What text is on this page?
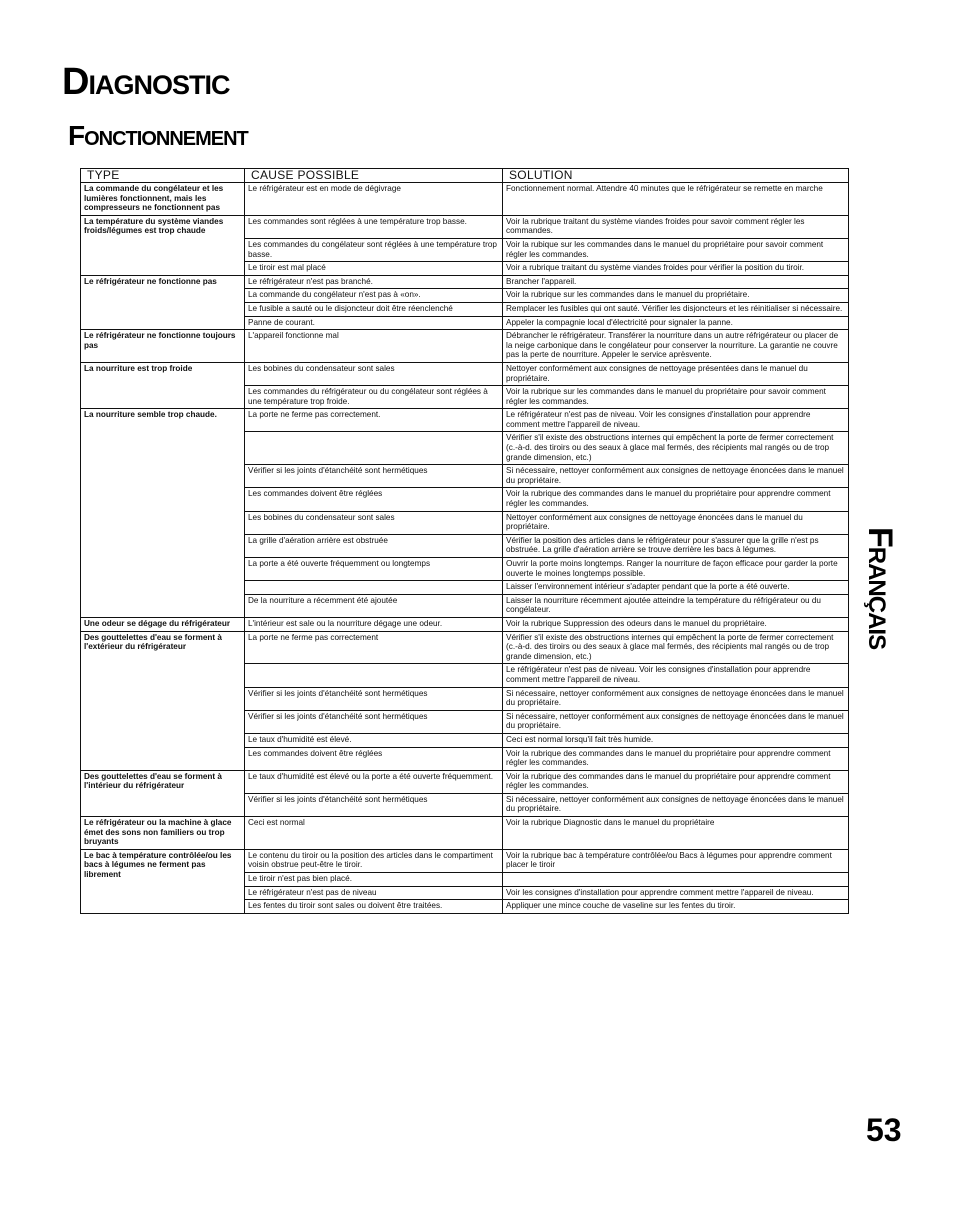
Diagnostic
Fonctionnement
Français
53
TYPE	CAUSE POSSIBLE	SOLUTION
La commande du congélateur et les lumières fonctionnent, mais les compresseurs ne fonctionnent pas	Le réfrigérateur est en mode de dégivrage	Fonctionnement normal. Attendre 40 minutes que le réfrigérateur se remette en marche
La température du système viandes froids/légumes est trop chaude	Les commandes sont réglées à une température trop basse.	Voir la rubrique traitant du système viandes froides pour savoir comment régler les commandes.
	Les commandes du congélateur sont réglées à une température trop basse.	Voir la rubique sur les commandes dans le manuel du propriétaire pour savoir comment régler les commandes.
	Le tiroir est mal placé	Voir a rubrique traitant du système viandes froides pour vérifier la position du tiroir.
Le réfrigérateur ne fonctionne pas	Le réfrigérateur n'est pas branché.	Brancher l'appareil.
	La commande du congélateur n'est pas à «on».	Voir la rubrique sur les commandes dans le manuel du propriétaire.
	Le fusible a sauté ou le disjoncteur doit être réenclenché	Remplacer les fusibles qui ont sauté. Vérifier les disjoncteurs et les réinitialiser si nécessaire.
	Panne de courant.	Appeler la compagnie local d'électricité pour signaler la panne.
Le réfrigérateur ne fonctionne toujours pas	L'appareil fonctionne mal	Débrancher le réfrigérateur. Transférer la nourriture dans un autre réfrigérateur ou placer de la neige carbonique dans le congélateur pour conserver la nourriture. La garantie ne couvre pas la perte de nourriture. Appeler le service aprèsvente.
La nourriture est trop froide	Les bobines du condensateur sont sales	Nettoyer conformément aux consignes de nettoyage présentées dans le manuel du propriétaire.
	Les commandes du réfrigérateur ou du congélateur sont réglées à une température trop froide.	Voir la rubrique sur les commandes dans le manuel du propriétaire pour savoir comment régler les commandes.
La nourriture semble trop chaude.	La porte ne ferme pas correctement.	Le réfrigérateur n'est pas de niveau. Voir les consignes d'installation pour apprendre comment mettre l'appareil de niveau.
		Vérifier s'il existe des obstructions internes qui empêchent la porte de fermer correctement (c.-à-d. des tiroirs ou des seaux à glace mal fermés, des récipients mal rangés ou de trop grande dimension, etc.)
	Vérifier si les joints d'étanchéité sont hermétiques	Si nécessaire, nettoyer conformément aux consignes de nettoyage énoncées dans le manuel du propriétaire.
	Les commandes doivent être réglées	Voir la rubrique des commandes dans le manuel du propriétaire pour apprendre comment régler les commandes.
	Les bobines du condensateur sont sales	Nettoyer conformément aux consignes de nettoyage énoncées dans le manuel du propriétaire.
	La grille d'aération arrière est obstruée	Vérifier la position des articles dans le réfrigérateur pour s'assurer que la grille n'est ps obstruée. La grille d'aération arrière se trouve derrière les bacs à légumes.
	La porte a été ouverte fréquemment ou longtemps	Ouvrir la porte moins longtemps. Ranger la nourriture de façon efficace pour garder la porte ouverte le moines longtemps possible.
		Laisser l'environnement intérieur s'adapter pendant que la porte a été ouverte.
	De la nourriture a récemment été ajoutée	Laisser la nourriture récemment ajoutée atteindre la température du réfrigérateur ou du congélateur.
Une odeur se dégage du réfrigérateur	L'intérieur est sale ou la nourriture dégage une odeur.	Voir la rubrique Suppression des odeurs dans le manuel du propriétaire.
Des gouttelettes d'eau se forment à l'extérieur du réfrigérateur	La porte ne ferme pas correctement	Vérifier s'il existe des obstructions internes qui empêchent la porte de fermer correctement (c.-à-d. des tiroirs ou des seaux à glace mal fermés, des récipients mal rangés ou de trop grande dimension, etc.)
		Le réfrigérateur n'est pas de niveau. Voir les consignes d'installation pour apprendre comment mettre l'appareil de niveau.
	Vérifier si les joints d'étanchéité sont hermétiques	Si nécessaire, nettoyer conformément aux consignes de nettoyage énoncées dans le manuel du propriétaire.
	Vérifier si les joints d'étanchéité sont hermétiques	Si nécessaire, nettoyer conformément aux consignes de nettoyage énoncées dans le manuel du propriétaire.
	Le taux d'humidité est élevé.	Ceci est normal lorsqu'il fait très humide.
	Les commandes doivent être réglées	Voir la rubrique des commandes dans le manuel du propriétaire pour apprendre comment régler les commandes.
Des gouttelettes d'eau se forment à l'intérieur du réfrigérateur	Le taux d'humidité est élevé ou la porte a été ouverte fréquemment.	Voir la rubrique des commandes dans le manuel du propriétaire pour apprendre comment régler les commandes.
	Vérifier si les joints d'étanchéité sont hermétiques	Si nécessaire, nettoyer conformément aux consignes de nettoyage énoncées dans le manuel du propriétaire.
Le réfrigérateur ou la machine à glace émet des sons non familiers ou trop bruyants	Ceci est normal	Voir la rubrique Diagnostic dans le manuel du propriétaire
Le bac à température contrôlée/ou les bacs à légumes ne ferment pas librement	Le contenu du tiroir ou la position des articles dans le compartiment voisin obstrue peut-être le tiroir.	Voir la rubrique bac à température contrôlée/ou Bacs à légumes pour apprendre comment placer le tiroir
	Le tiroir n'est pas bien placé.	
	Le réfrigérateur n'est pas de niveau	Voir les consignes d'installation pour apprendre comment mettre l'appareil de niveau.
	Les fentes du tiroir sont sales ou doivent être traitées.	Appliquer une mince couche de vaseline sur les fentes du tiroir.
